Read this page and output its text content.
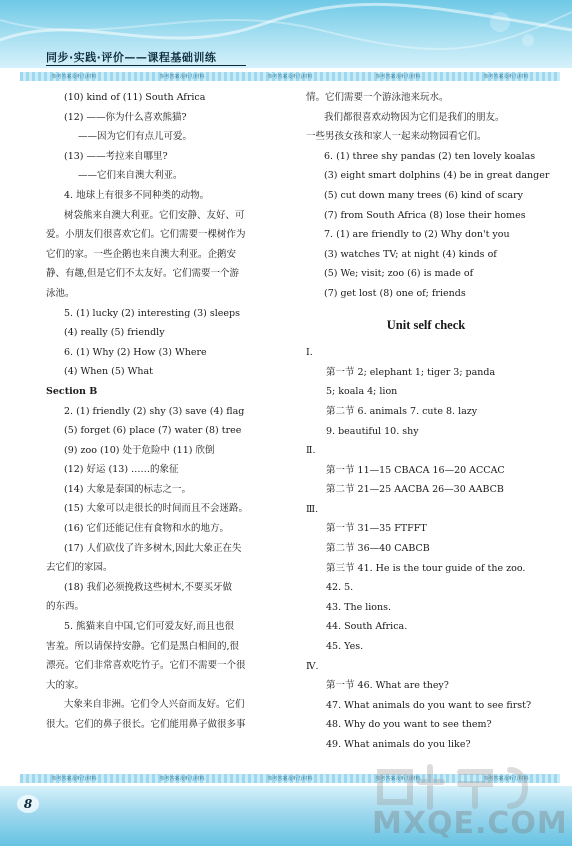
同步·实践·评价——课程基础训练
参考答案及听力材料	参考答案及听力材料	参考答案及听力材料	参考答案及听力材料	参考答案及听力材料
(10) kind of (11) South Africa
(12) ——你为什么喜欢熊猫?
——因为它们有点儿可爱。
(13) ——考拉来自哪里?
——它们来自澳大利亚。
4. 地球上有很多不同种类的动物。
树袋熊来自澳大利亚。它们安静、友好、可
爱。小朋友们很喜欢它们。它们需要一棵树作为
它们的家。一些企鹅也来自澳大利亚。企鹅安
静、有趣,但是它们不太友好。它们需要一个游
泳池。
5. (1) lucky (2) interesting (3) sleeps
(4) really (5) friendly
6. (1) Why (2) How (3) Where
(4) When (5) What
Section B
2. (1) friendly (2) shy (3) save (4) flag
(5) forget (6) place (7) water (8) tree
(9) zoo (10) 处于危险中 (11) 欣倒
(12) 好运 (13) ……的象征
(14) 大象是泰国的标志之一。
(15) 大象可以走很长的时间而且不会迷路。
(16) 它们还能记住有食物和水的地方。
(17) 人们砍伐了许多树木,因此大象正在失
去它们的家园。
(18) 我们必须挽救这些树木,不要买牙做
的东西。
5. 熊猫来自中国,它们可爱友好,而且也很
害羞。所以请保持安静。它们是黑白相间的,很
漂亮。它们非常喜欢吃竹子。它们不需要一个很
大的家。
大象来自非洲。它们令人兴奋而友好。它们
很大。它们的鼻子很长。它们能用鼻子做很多事
情。它们需要一个游泳池来玩水。
我们都很喜欢动物因为它们是我们的朋友。
一些男孩女孩和家人一起来动物园看它们。
6. (1) three shy pandas (2) ten lovely koalas
(3) eight smart dolphins (4) be in great danger
(5) cut down many trees (6) kind of scary
(7) from South Africa (8) lose their homes
7. (1) are friendly to (2) Why don't you
(3) watches TV; at night (4) kinds of
(5) We; visit; zoo (6) is made of
(7) get lost (8) one of; friends
Unit self check
Ⅰ.
第一节 2; elephant 1; tiger 3; panda
5; koala 4; lion
第二节 6. animals 7. cute 8. lazy
9. beautiful 10. shy
Ⅱ.
第一节 11—15 CBACA 16—20 ACCAC
第二节 21—25 AACBA 26—30 AABCB
Ⅲ.
第一节 31—35 FTFFT
第二节 36—40 CABCB
第三节 41. He is the tour guide of the zoo.
42. 5.
43. The lions.
44. South Africa.
45. Yes.
Ⅳ.
第一节 46. What are they?
47. What animals do you want to see first?
48. Why do you want to see them?
49. What animals do you like?
参考答案及听力材料	参考答案及听力材料	参考答案及听力材料	参考答案及听力材料	参考答案及听力材料
8
MXQE.COM
